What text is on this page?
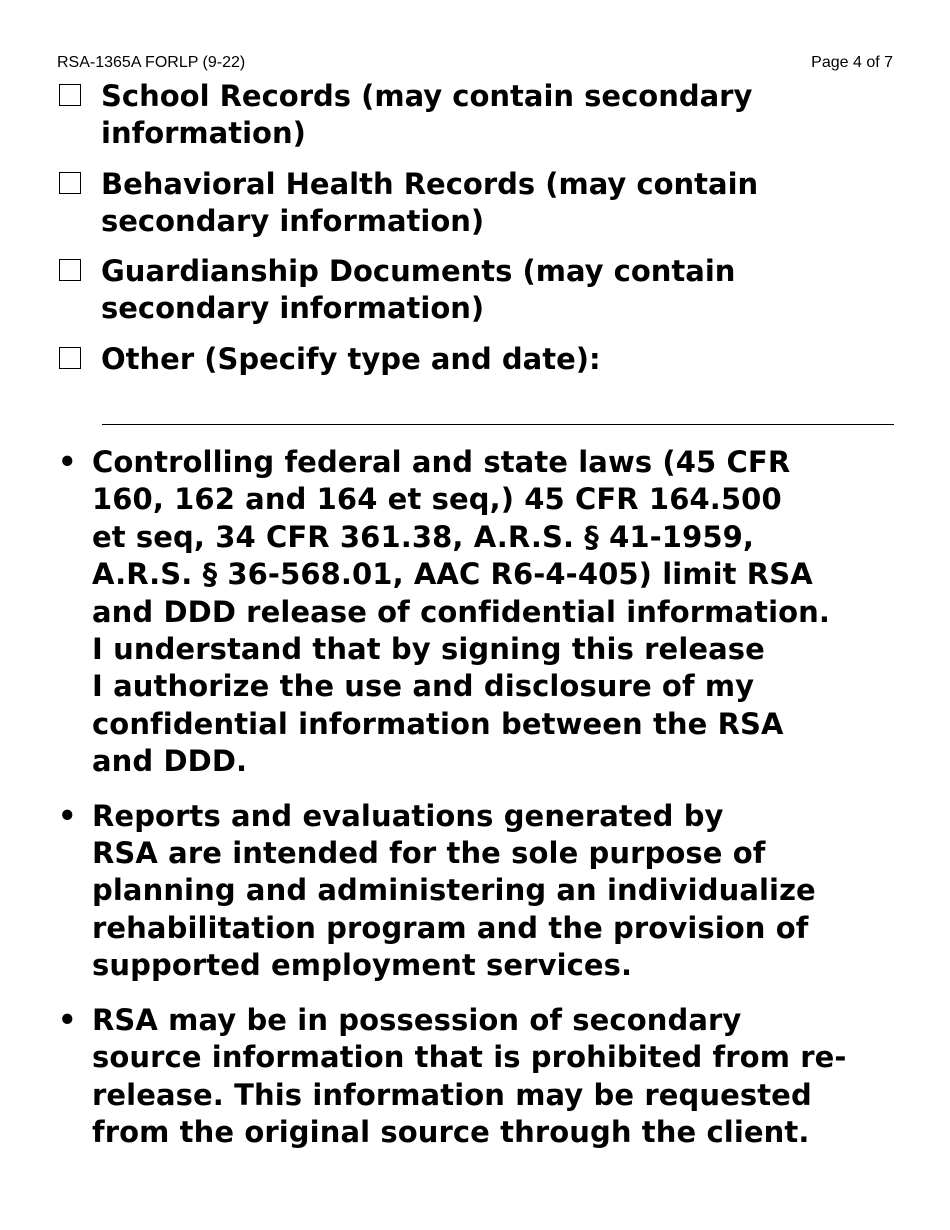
RSA-1365A FORLP (9-22)	Page 4 of 7
School Records (may contain secondary
information)
Behavioral Health Records (may contain
secondary information)
Guardianship Documents (may contain
secondary information)
Other (Specify type and date):
• Controlling federal and state laws (45 CFR
160, 162 and 164 et seq,) 45 CFR 164.500
et seq, 34 CFR 361.38, A.R.S. § 41-1959,
A.R.S. § 36-568.01, AAC R6-4-405) limit RSA
and DDD release of confidential information.
I understand that by signing this release
I authorize the use and disclosure of my
confidential information between the RSA
and DDD.
• Reports and evaluations generated by
RSA are intended for the sole purpose of
planning and administering an individualize
rehabilitation program and the provision of
supported employment services.
• RSA may be in possession of secondary
source information that is prohibited from re-
release. This information may be requested
from the original source through the client.
